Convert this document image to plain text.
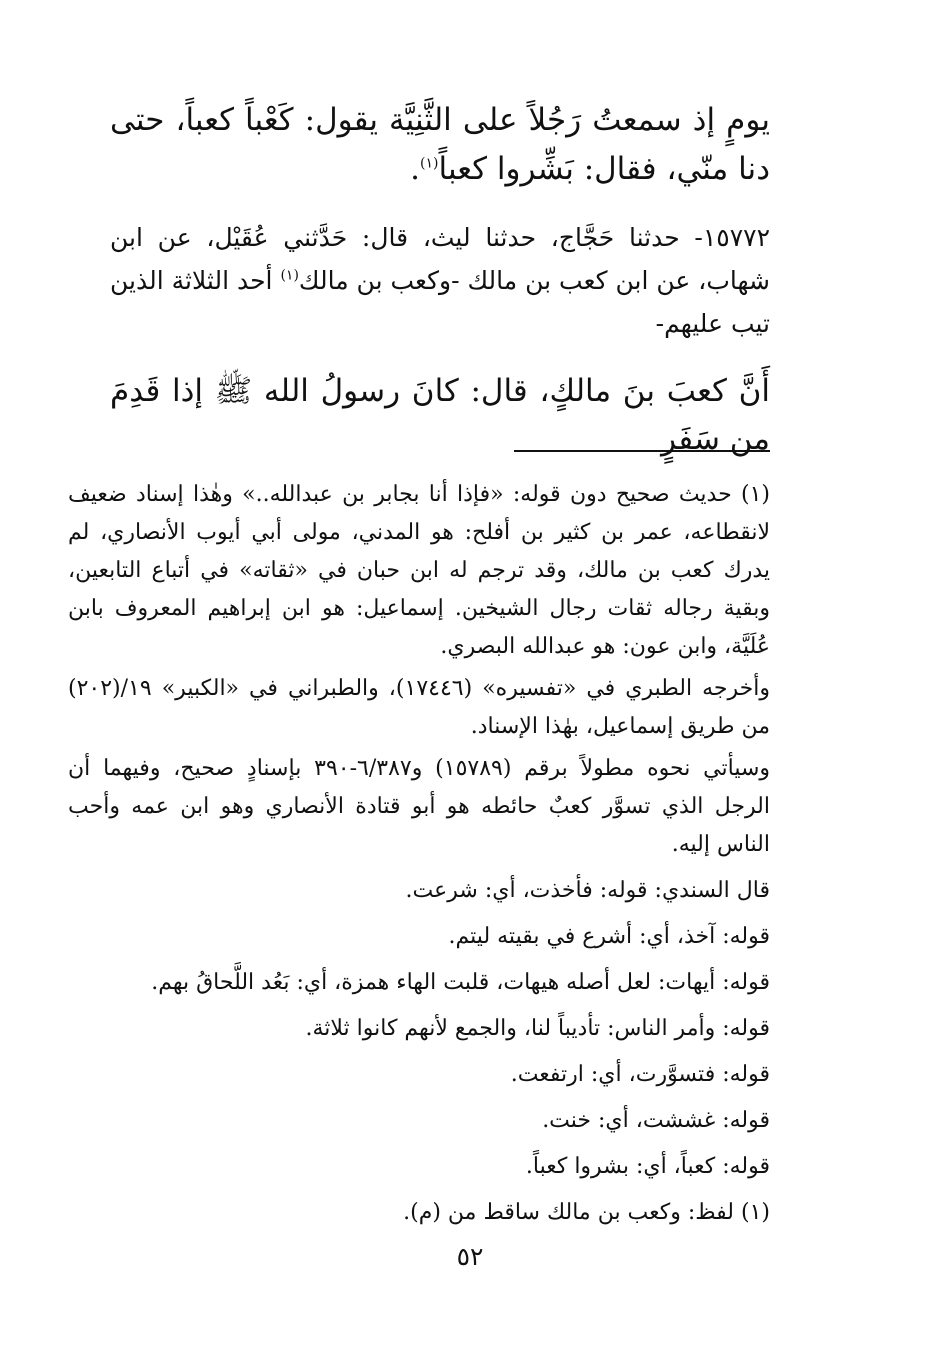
يومٍ إذ سمعتُ رَجُلاً على الثَّنِيَّة يقول: كَعْباً كعباً، حتى دنا منّي، فقال: بَشِّروا كعباً$^{(١)}$.

١٥٧٧٢- حدثنا حَجَّاج، حدثنا ليث، قال: حَدَّثني عُقَيْل، عن ابن شهاب، عن ابن كعب بن مالك -وكعب بن مالك$^{(١)}$ أحد الثلاثة الذين تيب عليهم-

أَنَّ كعبَ بنَ مالكٍ، قال: كانَ رسولُ الله ﷺ إذا قَدِمَ من سَفَرٍ

(١) حديث صحيح دون قوله: «فإذا أنا بجابر بن عبدالله..» وهٰذا إسناد ضعيف لانقطاعه، عمر بن كثير بن أفلح: هو المدني، مولى أبي أيوب الأنصاري، لم يدرك كعب بن مالك، وقد ترجم له ابن حبان في «ثقاته» في أتباع التابعين، وبقية رجاله ثقات رجال الشيخين. إسماعيل: هو ابن إبراهيم المعروف بابن عُلَيَّة، وابن عون: هو عبدالله البصري.

وأخرجه الطبري في «تفسيره» (١٧٤٤٦)، والطبراني في «الكبير» ١٩/(٢٠٢) من طريق إسماعيل، بهٰذا الإسناد.

وسيأتي نحوه مطولاً برقم (١٥٧٨٩) و٦/٣٨٧-٣٩٠ بإسنادٍ صحيح، وفيهما أن الرجل الذي تسوَّر كعبٌ حائطه هو أبو قتادة الأنصاري وهو ابن عمه وأحب الناس إليه.

قال السندي: قوله: فأخذت، أي: شرعت.

قوله: آخذ، أي: أشرع في بقيته ليتم.

قوله: أيهات: لعل أصله هيهات، قلبت الهاء همزة، أي: بَعُد اللَّحاقُ بهم.

قوله: وأمر الناس: تأديباً لنا، والجمع لأنهم كانوا ثلاثة.

قوله: فتسوَّرت، أي: ارتفعت.

قوله: غششت، أي: خنت.

قوله: كعباً، أي: بشروا كعباً.

(١) لفظ: وكعب بن مالك ساقط من (م).

٥٢
